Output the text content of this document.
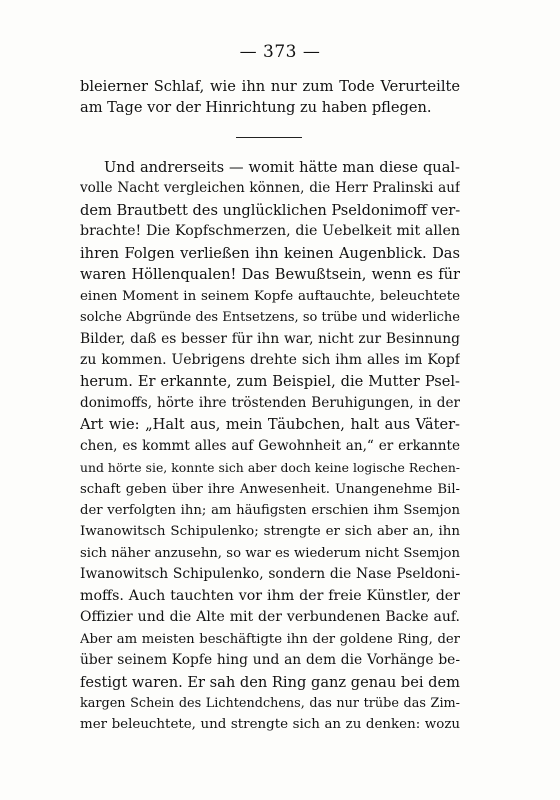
— 373 —
bleierner Schlaf, wie ihn nur zum Tode Verurteilte
am Tage vor der Hinrichtung zu haben pflegen.
Und andrerseits — womit hätte man diese qual-
volle Nacht vergleichen können, die Herr Pralinski auf
dem Brautbett des unglücklichen Pseldonimoff ver-
brachte! Die Kopfschmerzen, die Uebelkeit mit allen
ihren Folgen verließen ihn keinen Augenblick. Das
waren Höllenqualen! Das Bewußtsein, wenn es für
einen Moment in seinem Kopfe auftauchte, beleuchtete
solche Abgründe des Entsetzens, so trübe und widerliche
Bilder, daß es besser für ihn war, nicht zur Besinnung
zu kommen. Uebrigens drehte sich ihm alles im Kopf
herum. Er erkannte, zum Beispiel, die Mutter Psel-
donimoffs, hörte ihre tröstenden Beruhigungen, in der
Art wie: „Halt aus, mein Täubchen, halt aus Väter-
chen, es kommt alles auf Gewohnheit an,“ er erkannte
und hörte sie, konnte sich aber doch keine logische Rechen-
schaft geben über ihre Anwesenheit. Unangenehme Bil-
der verfolgten ihn; am häufigsten erschien ihm Ssemjon
Iwanowitsch Schipulenko; strengte er sich aber an, ihn
sich näher anzusehn, so war es wiederum nicht Ssemjon
Iwanowitsch Schipulenko, sondern die Nase Pseldoni-
moffs. Auch tauchten vor ihm der freie Künstler, der
Offizier und die Alte mit der verbundenen Backe auf.
Aber am meisten beschäftigte ihn der goldene Ring, der
über seinem Kopfe hing und an dem die Vorhänge be-
festigt waren. Er sah den Ring ganz genau bei dem
kargen Schein des Lichtendchens, das nur trübe das Zim-
mer beleuchtete, und strengte sich an zu denken: wozu
